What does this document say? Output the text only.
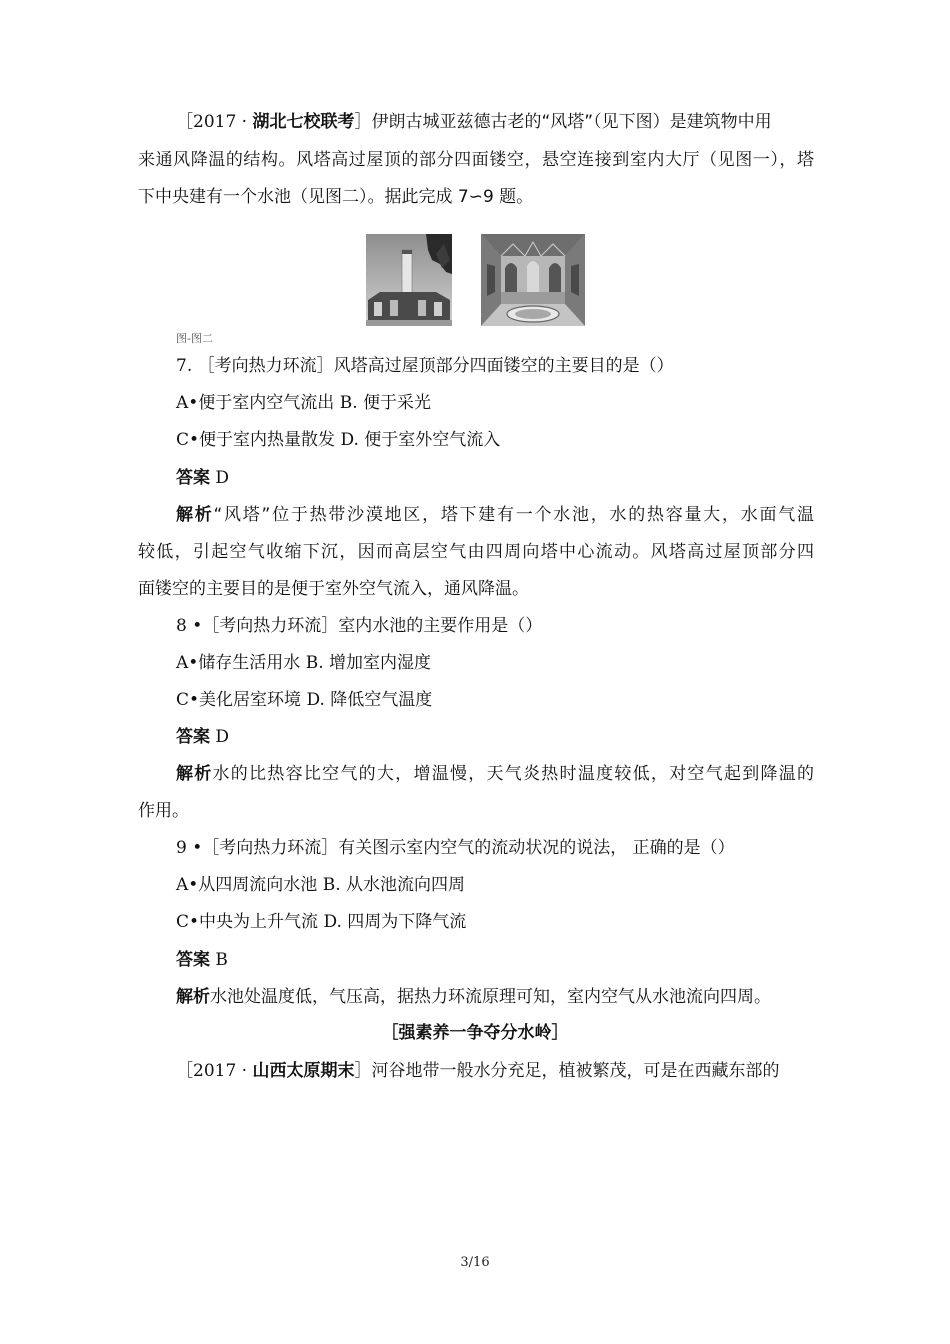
［2017 · 湖北七校联考］伊朗古城亚兹德古老的“风塔”（见下图）是建筑物中用
来通风降温的结构。风塔高过屋顶的部分四面镂空，悬空连接到室内大厅（见图一），塔
下中央建有一个水池（见图二）。据此完成 7∽9 题。
图-图二
7. ［考向热力环流］风塔高过屋顶部分四面镂空的主要目的是（）
A•便于室内空气流出 B. 便于采光
C•便于室内热量散发 D. 便于室外空气流入
答案 D
解析“风塔”位于热带沙漠地区，塔下建有一个水池，水的热容量大，水面气温
较低，引起空气收缩下沉，因而高层空气由四周向塔中心流动。风塔高过屋顶部分四
面镂空的主要目的是便于室外空气流入，通风降温。
8 •［考向热力环流］室内水池的主要作用是（）
A•储存生活用水 B. 增加室内湿度
C•美化居室环境 D. 降低空气温度
答案 D
解析水的比热容比空气的大，增温慢，天气炎热时温度较低，对空气起到降温的
作用。
9 •［考向热力环流］有关图示室内空气的流动状况的说法， 正确的是（）
A•从四周流向水池 B. 从水池流向四周
C•中央为上升气流 D. 四周为下降气流
答案 B
解析水池处温度低，气压高，据热力环流原理可知，室内空气从水池流向四周。
［强素养一争夺分水岭］
［2017 · 山西太原期末］河谷地带一般水分充足，植被繁茂，可是在西藏东部的
3/16
